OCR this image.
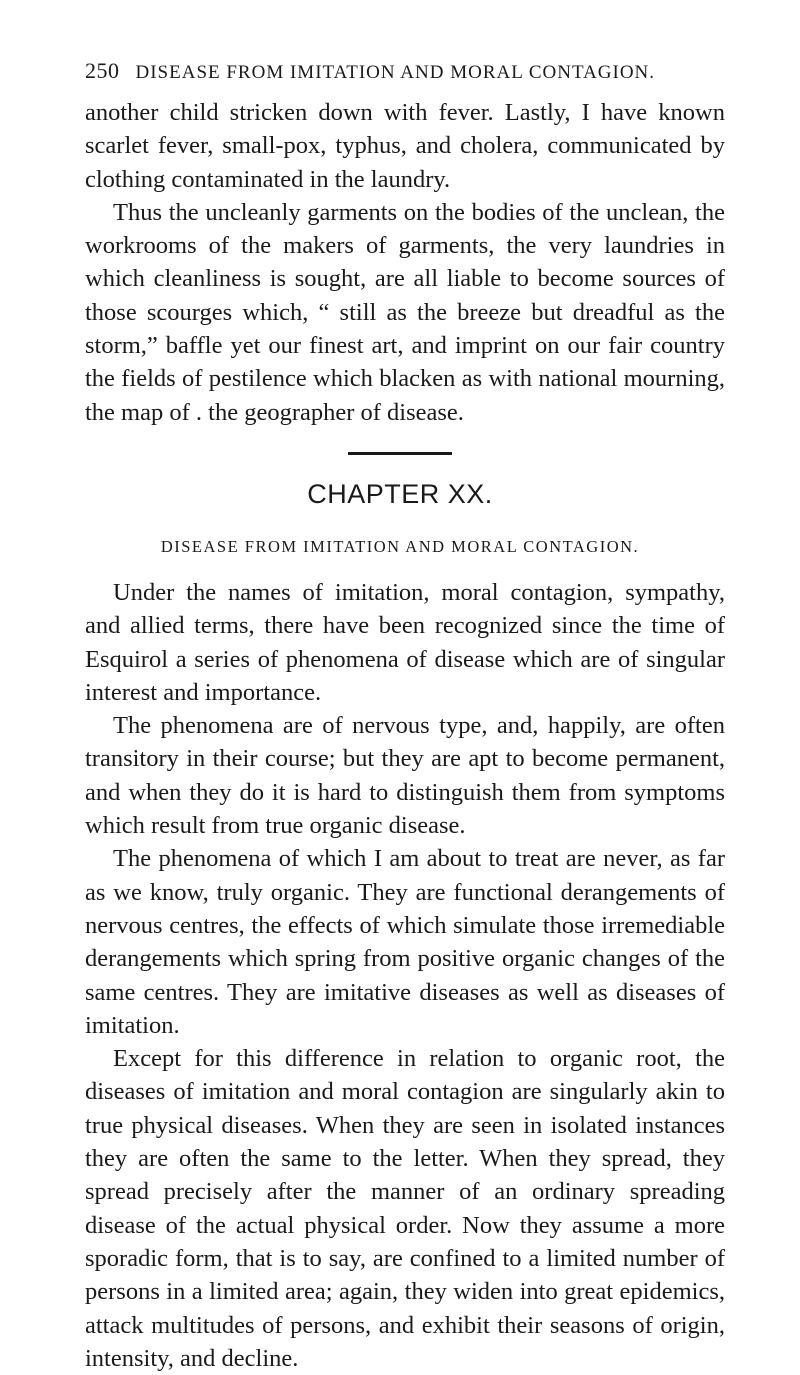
250 DISEASE FROM IMITATION AND MORAL CONTAGION.

another child stricken down with fever. Lastly, I have known scarlet fever, small-pox, typhus, and cholera, communicated by clothing contaminated in the laundry.

Thus the uncleanly garments on the bodies of the unclean, the workrooms of the makers of garments, the very laundries in which cleanliness is sought, are all liable to become sources of those scourges which, “ still as the breeze but dreadful as the storm,” baffle yet our finest art, and imprint on our fair country the fields of pestilence which blacken as with national mourning, the map of . the geographer of disease.

CHAPTER XX.
DISEASE FROM IMITATION AND MORAL CONTAGION.

Under the names of imitation, moral contagion, sympathy, and allied terms, there have been recognized since the time of Esquirol a series of phenomena of disease which are of singular interest and importance.

The phenomena are of nervous type, and, happily, are often transitory in their course; but they are apt to become permanent, and when they do it is hard to distinguish them from symptoms which result from true organic disease.

The phenomena of which I am about to treat are never, as far as we know, truly organic. They are functional derangements of nervous centres, the effects of which simulate those irremediable derangements which spring from positive organic changes of the same centres. They are imitative diseases as well as diseases of imitation.

Except for this difference in relation to organic root, the diseases of imitation and moral contagion are singularly akin to true physical diseases. When they are seen in isolated instances they are often the same to the letter. When they spread, they spread precisely after the manner of an ordinary spreading disease of the actual physical order. Now they assume a more sporadic form, that is to say, are confined to a limited number of persons in a limited area; again, they widen into great epidemics, attack multitudes of persons, and exhibit their seasons of origin, intensity, and decline.
